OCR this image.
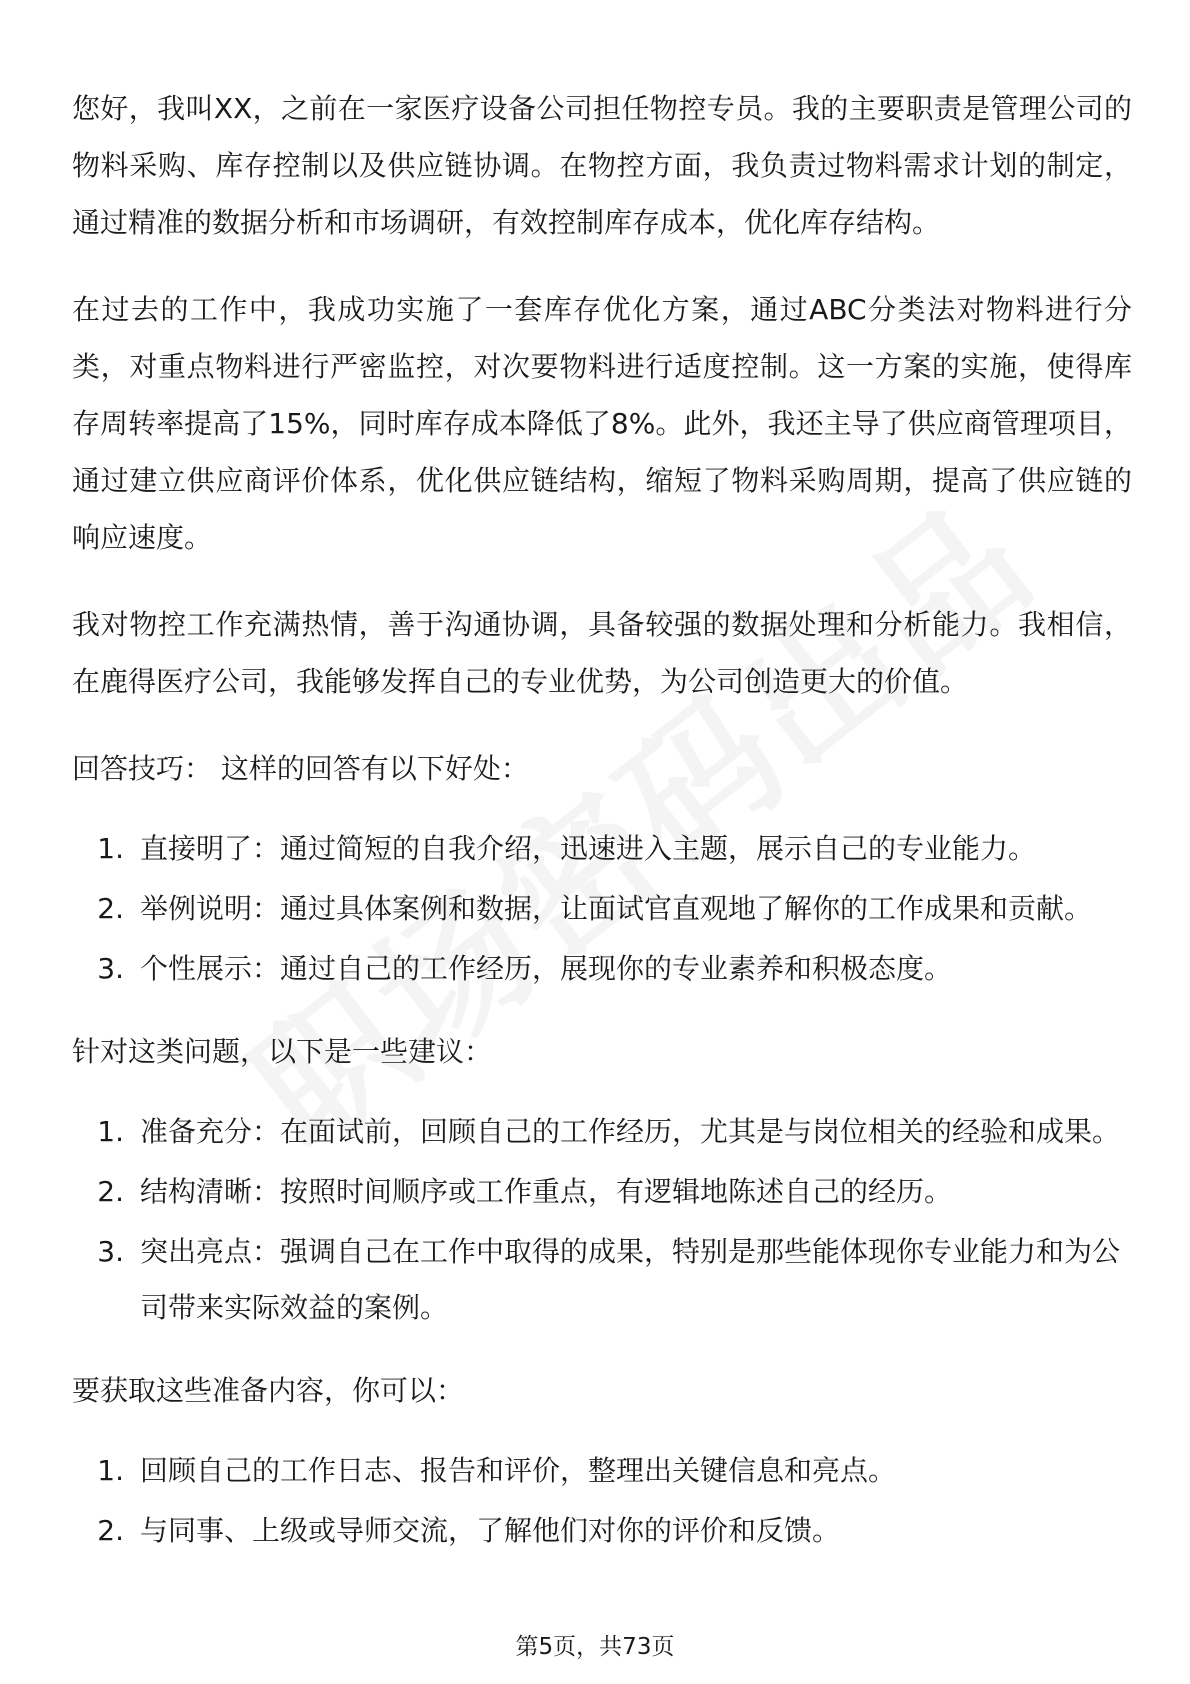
您好，我叫XX，之前在一家医疗设备公司担任物控专员。我的主要职责是管理公司的物料采购、库存控制以及供应链协调。在物控方面，我负责过物料需求计划的制定，通过精准的数据分析和市场调研，有效控制库存成本，优化库存结构。

在过去的工作中，我成功实施了一套库存优化方案，通过ABC分类法对物料进行分类，对重点物料进行严密监控，对次要物料进行适度控制。这一方案的实施，使得库存周转率提高了15%，同时库存成本降低了8%。此外，我还主导了供应商管理项目，通过建立供应商评价体系，优化供应链结构，缩短了物料采购周期，提高了供应链的响应速度。

我对物控工作充满热情，善于沟通协调，具备较强的数据处理和分析能力。我相信，在鹿得医疗公司，我能够发挥自己的专业优势，为公司创造更大的价值。

回答技巧： 这样的回答有以下好处：
1. 直接明了：通过简短的自我介绍，迅速进入主题，展示自己的专业能力。
2. 举例说明：通过具体案例和数据，让面试官直观地了解你的工作成果和贡献。
3. 个性展示：通过自己的工作经历，展现你的专业素养和积极态度。
针对这类问题，以下是一些建议：
1. 准备充分：在面试前，回顾自己的工作经历，尤其是与岗位相关的经验和成果。
2. 结构清晰：按照时间顺序或工作重点，有逻辑地陈述自己的经历。
3. 突出亮点：强调自己在工作中取得的成果，特别是那些能体现你专业能力和为公司带来实际效益的案例。
要获取这些准备内容，你可以：
1. 回顾自己的工作日志、报告和评价，整理出关键信息和亮点。
2. 与同事、上级或导师交流，了解他们对你的评价和反馈。
第5页，共73页
